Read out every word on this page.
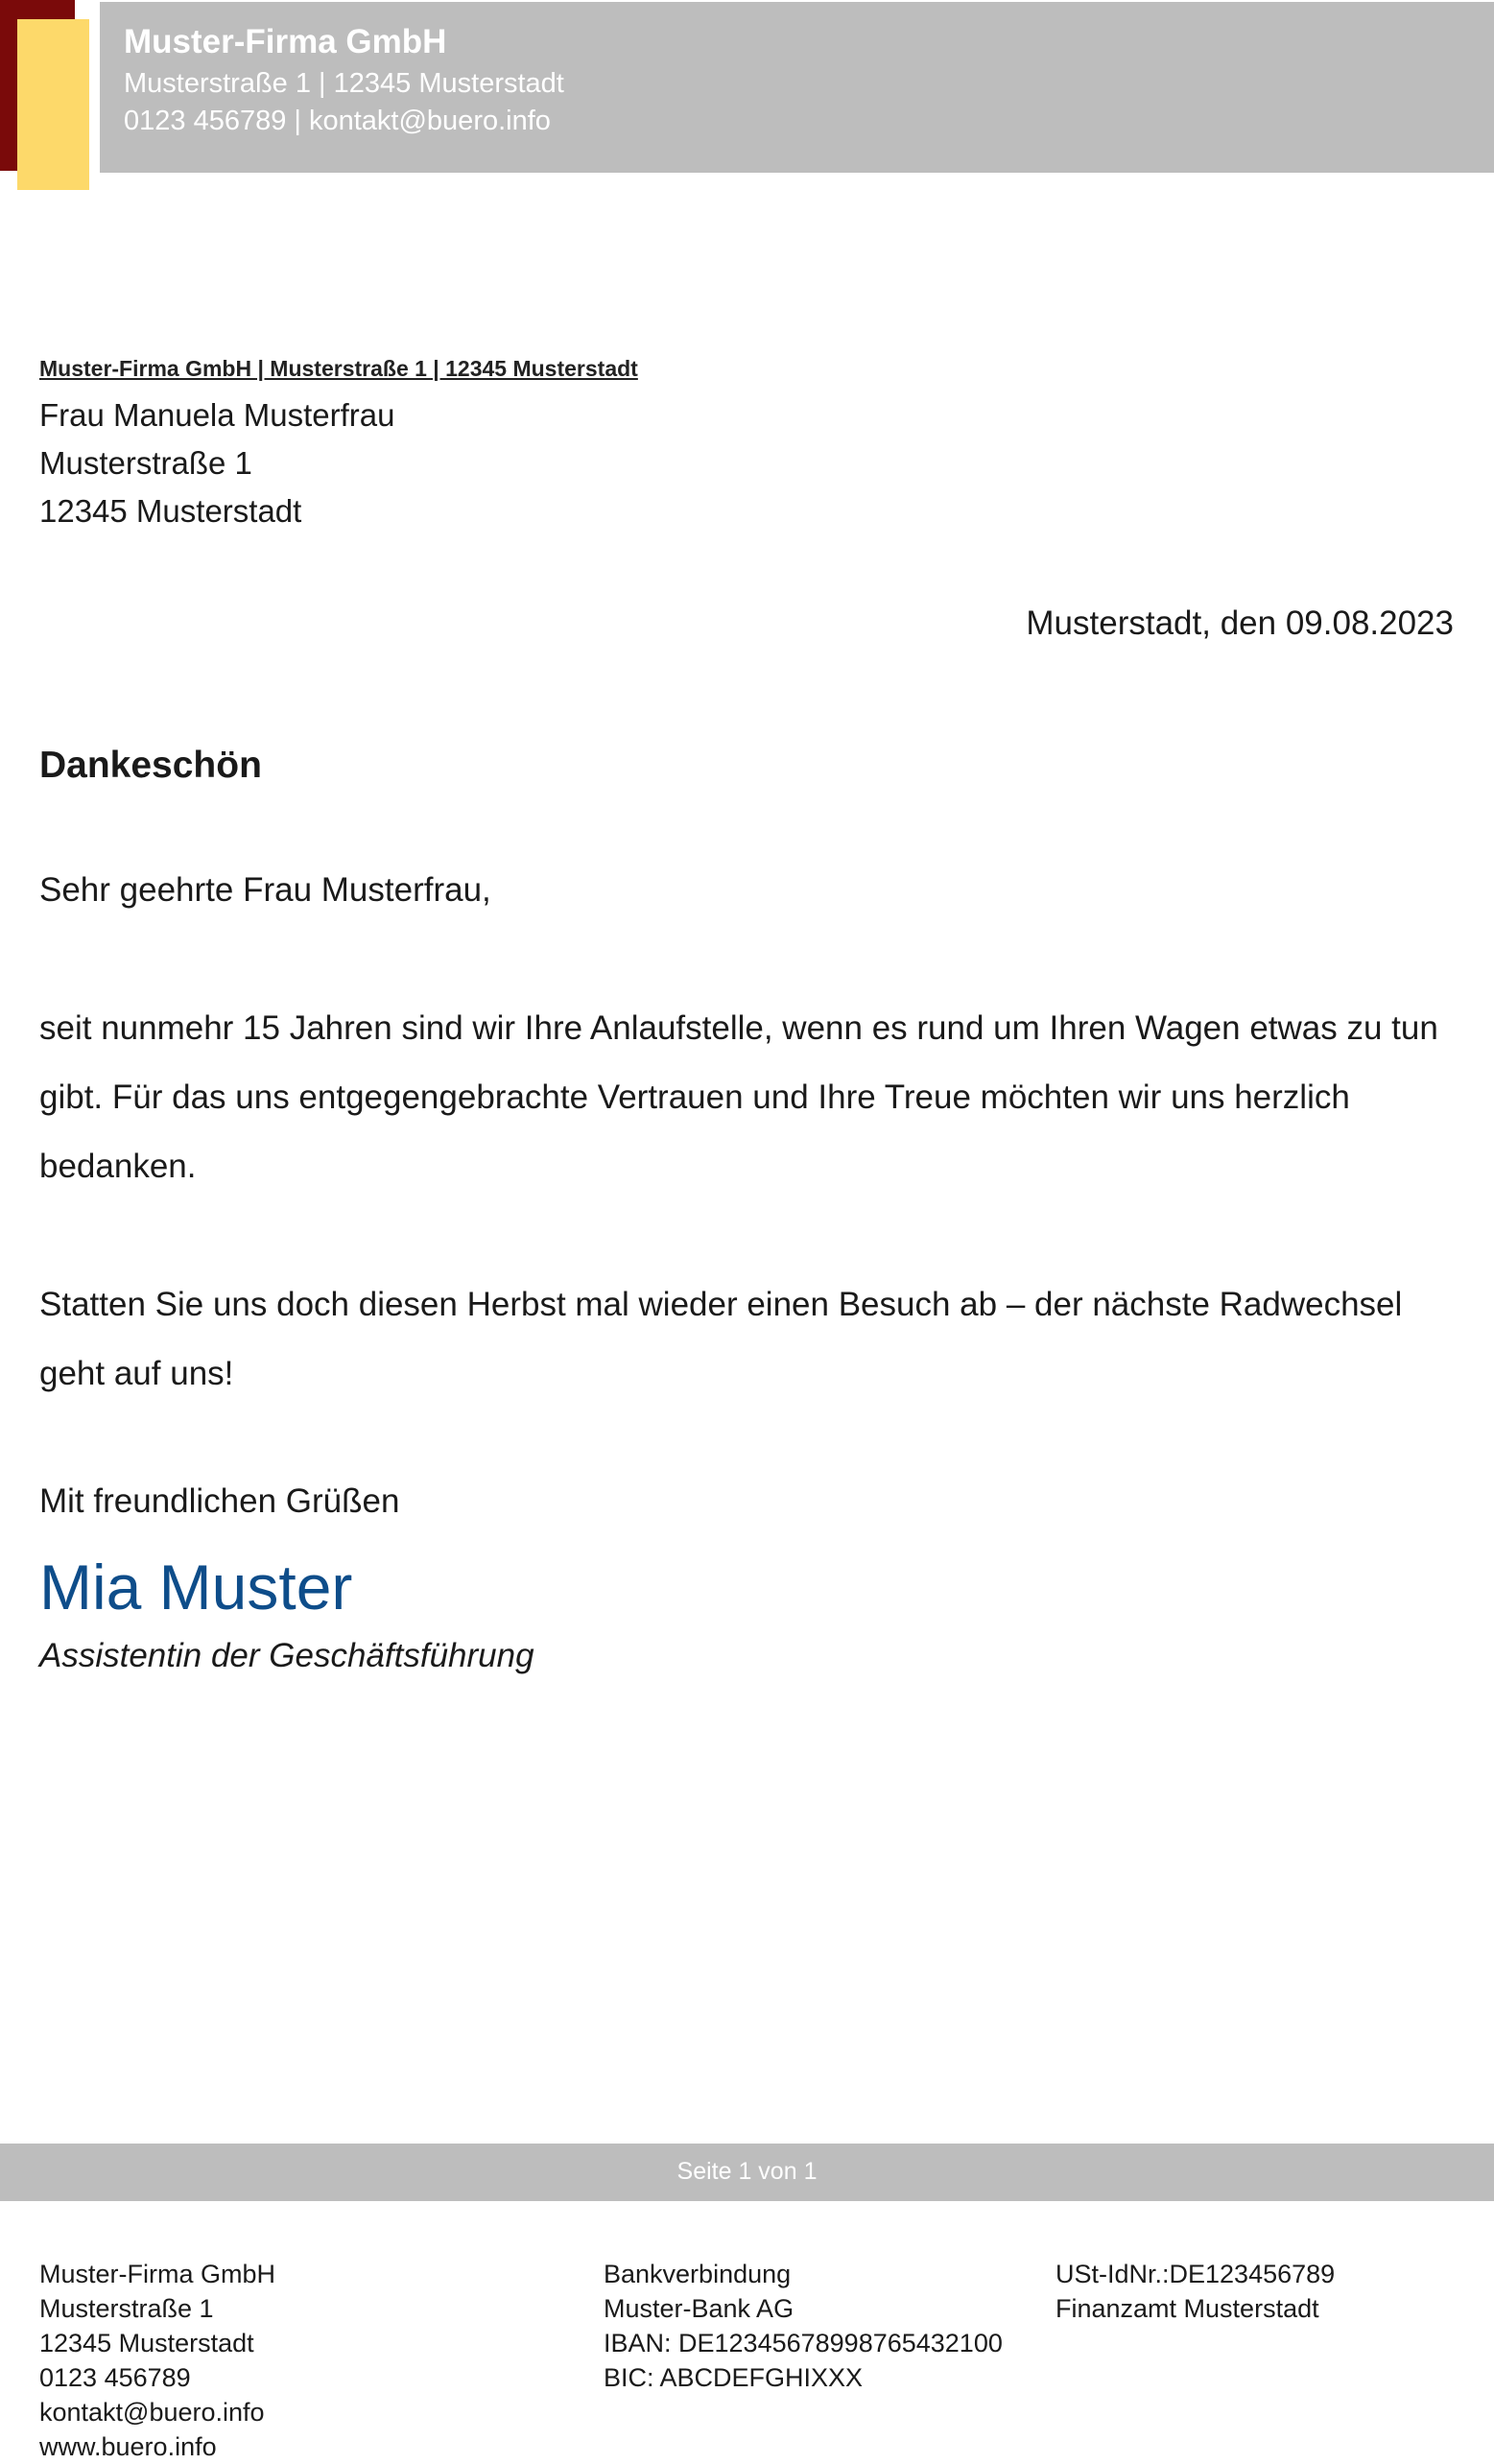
Muster-Firma GmbH
Musterstraße 1 | 12345 Musterstadt
0123 456789 | kontakt@buero.info
Muster-Firma GmbH | Musterstraße 1 | 12345 Musterstadt
Frau Manuela Musterfrau
Musterstraße 1
12345 Musterstadt
Musterstadt, den 09.08.2023
Dankeschön

Sehr geehrte Frau Musterfrau,

seit nunmehr 15 Jahren sind wir Ihre Anlaufstelle, wenn es rund um Ihren Wagen etwas zu tun gibt. Für das uns entgegengebrachte Vertrauen und Ihre Treue möchten wir uns herzlich bedanken.

Statten Sie uns doch diesen Herbst mal wieder einen Besuch ab – der nächste Radwechsel geht auf uns!

Mit freundlichen Grüßen
Mia Muster
Assistentin der Geschäftsführung
Seite 1 von 1
Muster-Firma GmbH
Musterstraße 1
12345 Musterstadt
0123 456789
kontakt@buero.info
www.buero.info
Bankverbindung
Muster-Bank AG
IBAN: DE12345678998765432100
BIC: ABCDEFGHIXXX
USt-IdNr.:DE123456789
Finanzamt Musterstadt
